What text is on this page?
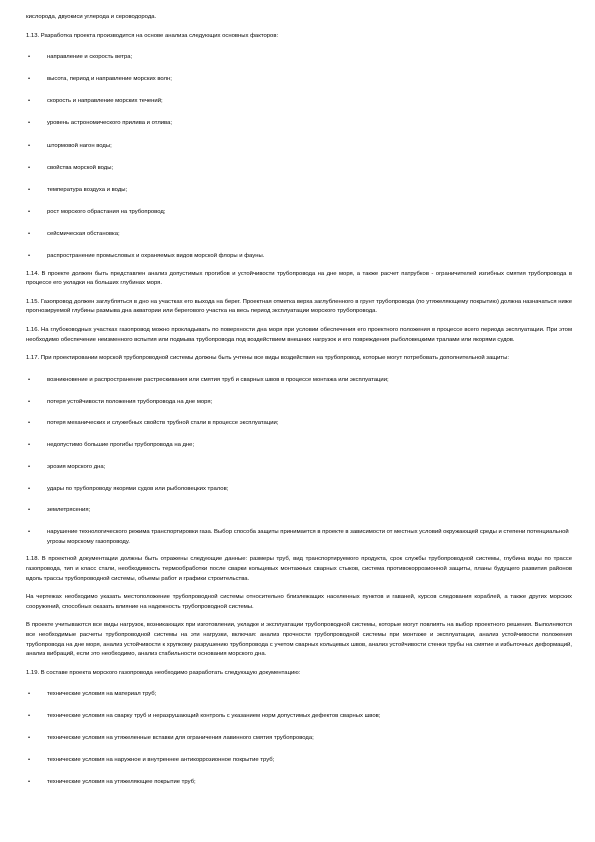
кислорода, двуокиси углерода и сероводорода.

1.13. Разработка проекта производится на основе анализа следующих основных факторов:

•	направление и скорость ветра;

•	высота, период и направление морских волн;

•	скорость и направление морских течений;

•	уровень астрономического прилива и отлива;

•	штормовой нагон воды;

•	свойства морской воды;

•	температура воздуха и воды;

•	рост морского обрастания на трубопровод;

•	сейсмическая обстановка;

•	распространение промысловых и охраняемых видов морской флоры и фауны.

1.14. В проекте должен быть представлен анализ допустимых прогибов и устойчивости трубопровода на дне моря, а также расчет патрубков - ограничителей изгибных смятия трубопровода в процессе его укладки на больших глубинах моря.

1.15. Газопровод должен заглубляться в дно на участках его выхода на берег. Проектная отметка верха заглубленного в грунт трубопровода (по утяжеляющему покрытию) должна назначаться ниже прогнозируемой глубины размыва дна акватории или берегового участка на весь период эксплуатации морского трубопровода.

1.16. На глубоководных участках газопровод можно прокладывать по поверхности дна моря при условии обеспечения его проектного положения в процессе всего периода эксплуатации. При этом необходимо обеспечение неизменного вспытия или подмыва трубопровода под воздействием внешних нагрузок и его повреждения рыболовецкими тралами или якорями судов.

1.17. При проектировании морской трубопроводной системы должны быть учтены все виды воздействия на трубопровод, которые могут потребовать дополнительной защиты:

•	возникновение и распространение растрескивания или смятия труб и сварных швов в процессе монтажа или эксплуатации;

•	потеря устойчивости положения трубопровода на дне моря;

•	потеря механических и служебных свойств трубной стали в процессе эксплуатации;

•	недопустимо большие прогибы трубопровода на дне;

•	эрозия морского дна;

•	удары по трубопроводу якорями судов или рыболовецких тралов;

•	землетрясения;

•	нарушение технологического режима транспортировки газа. Выбор способа защиты принимается в проекте в зависимости от местных условий окружающей среды и степени потенциальной угрозы морскому газопроводу.

1.18. В проектной документации должны быть отражены следующие данные: размеры труб, вид транспортируемого продукта, срок службы трубопроводной системы, глубина воды по трассе газопровода, тип и класс стали, необходимость термообработки после сварки кольцевых монтажных сварных стыков, система противокоррозионной защиты, планы будущего развития районов вдоль трассы трубопроводной системы, объемы работ и графики строительства.

На чертежах необходимо указать местоположение трубопроводной системы относительно близлежащих населенных пунктов и гаваней, курсов следования кораблей, а также других морских сооружений, способных оказать влияние на надежность трубопроводной системы.

В проекте учитываются все виды нагрузок, возникающих при изготовлении, укладке и эксплуатации трубопроводной системы, которые могут повлиять на выбор проектного решения. Выполняются все необходимые расчеты трубопроводной системы на эти нагрузки, включая: анализ прочности трубопроводной системы при монтаже и эксплуатации, анализ устойчивости положения трубопровода на дне моря, анализ устойчивости к хрупкому разрушению трубопровода с учетом сварных кольцевых швов, анализ устойчивости стенки трубы на смятие и избыточных деформаций, анализ вибраций, если это необходимо, анализ стабильности основания морского дна.

1.19. В составе проекта морского газопровода необходимо разработать следующую документацию:

•	технические условия на материал труб;

•	технические условия на сварку труб и неразрушающий контроль с указанием норм допустимых дефектов сварных швов;

•	технические условия на утяжеленные вставки для ограничения лавинного смятия трубопровода;

•	технические условия на наружное и внутреннее антикоррозионное покрытие труб;

•	технические условия на утяжеляющее покрытие труб;
